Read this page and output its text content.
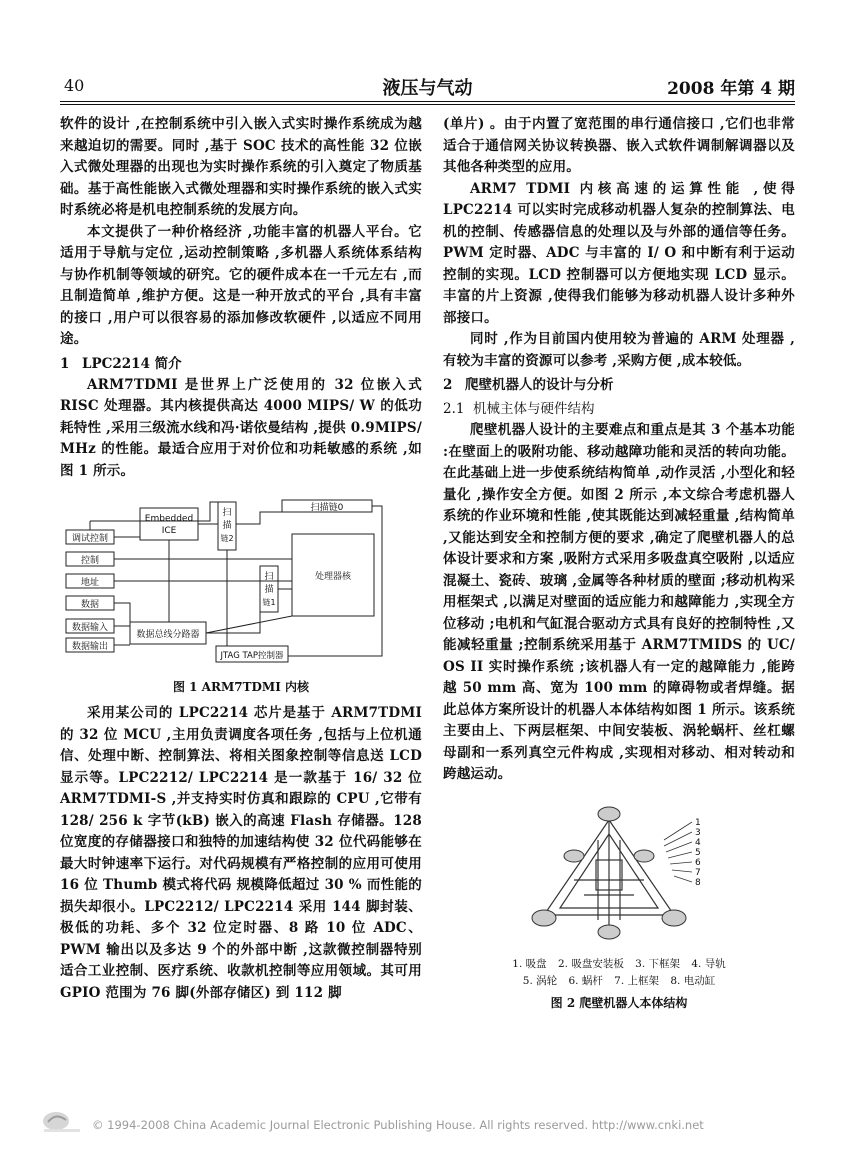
40	液压与气动	2008 年第 4 期

软件的设计 ,在控制系统中引入嵌入式实时操作系统成为越来越迫切的需要。同时 ,基于 SOC 技术的高性能 32 位嵌入式微处理器的出现也为实时操作系统的引入奠定了物质基础。基于高性能嵌入式微处理器和实时操作系统的嵌入式实时系统必将是机电控制系统的发展方向。

本文提供了一种价格经济 ,功能丰富的机器人平台。它适用于导航与定位 ,运动控制策略 ,多机器人系统体系结构与协作机制等领域的研究。它的硬件成本在一千元左右 ,而且制造简单 ,维护方便。这是一种开放式的平台 ,具有丰富的接口 ,用户可以很容易的添加修改软硬件 ,以适应不同用途。

1 LPC2214 简介

ARM7TDMI 是世界上广泛使用的 32 位嵌入式 RISC 处理器。其内核提供高达 4000 MIPS/ W 的低功耗特性 ,采用三级流水线和冯·诺依曼结构 ,提供 0.9MIPS/ MHz 的性能。最适合应用于对价位和功耗敏感的系统 ,如图 1 所示。

Embedded
ICE
扫描链0
扫
描
链2
扫
描
链1
处理器核
数据总线分路器
JTAG TAP控制器
调试控制
控制
地址
数据
数据输入
数据输出
图 1 ARM7TDMI 内核

采用某公司的 LPC2214 芯片是基于 ARM7TDMI 的 32 位 MCU ,主用负责调度各项任务 ,包括与上位机通信、处理中断、控制算法、将相关图象控制等信息送 LCD 显示等。LPC2212/ LPC2214 是一款基于 16/ 32 位 ARM7TDMI-S ,并支持实时仿真和跟踪的 CPU ,它带有 128/ 256 k 字节(kB) 嵌入的高速 Flash 存储器。128 位宽度的存储器接口和独特的加速结构使 32 位代码能够在最大时钟速率下运行。对代码规模有严格控制的应用可使用 16 位 Thumb 模式将代码 规模降低超过 30 % 而性能的损失却很小。LPC2212/ LPC2214 采用 144 脚封装、极低的功耗、多个 32 位定时器、8 路 10 位 ADC、PWM 输出以及多达 9 个的外部中断 ,这款微控制器特别适合工业控制、医疗系统、收款机控制等应用领域。其可用 GPIO 范围为 76 脚(外部存储区) 到 112 脚

(单片) 。由于内置了宽范围的串行通信接口 ,它们也非常适合于通信网关协议转换器、嵌入式软件调制解调器以及其他各种类型的应用。

ARM7 TDMI 内核高速的运算性能 ,使得 LPC2214 可以实时完成移动机器人复杂的控制算法、电机的控制、传感器信息的处理以及与外部的通信等任务。PWM 定时器、ADC 与丰富的 I/ O 和中断有利于运动控制的实现。LCD 控制器可以方便地实现 LCD 显示。丰富的片上资源 ,使得我们能够为移动机器人设计多种外部接口。

同时 ,作为目前国内使用较为普遍的 ARM 处理器 ,有较为丰富的资源可以参考 ,采购方便 ,成本较低。

2 爬壁机器人的设计与分析
2.1 机械主体与硬件结构

爬壁机器人设计的主要难点和重点是其 3 个基本功能 :在壁面上的吸附功能、移动越障功能和灵活的转向功能。在此基础上进一步使系统结构简单 ,动作灵活 ,小型化和轻量化 ,操作安全方便。如图 2 所示 ,本文综合考虑机器人系统的作业环境和性能 ,使其既能达到减轻重量 ,结构简单 ,又能达到安全和控制方便的要求 ,确定了爬壁机器人的总体设计要求和方案 ,吸附方式采用多吸盘真空吸附 ,以适应混凝土、瓷砖、玻璃 ,金属等各种材质的壁面 ;移动机构采用框架式 ,以满足对壁面的适应能力和越障能力 ,实现全方位移动 ;电机和气缸混合驱动方式具有良好的控制特性 ,又能减轻重量 ;控制系统采用基于 ARM7TMIDS 的 UC/ OS II 实时操作系统 ;该机器人有一定的越障能力 ,能跨越 50 mm 高、宽为 100 mm 的障碍物或者焊缝。据此总体方案所设计的机器人本体结构如图 1 所示。该系统主要由上、下两层框架、中间安装板、涡轮蜗杆、丝杠螺母副和一系列真空元件构成 ,实现相对移动、相对转动和跨越运动。

1
3
4
5
6
7
8
1. 吸盘 2. 吸盘安装板 3. 下框架 4. 导轨
5. 涡轮 6. 蜗杆 7. 上框架 8. 电动缸
图 2 爬壁机器人本体结构
© 1994-2008 China Academic Journal Electronic Publishing House. All rights reserved. http://www.cnki.net
